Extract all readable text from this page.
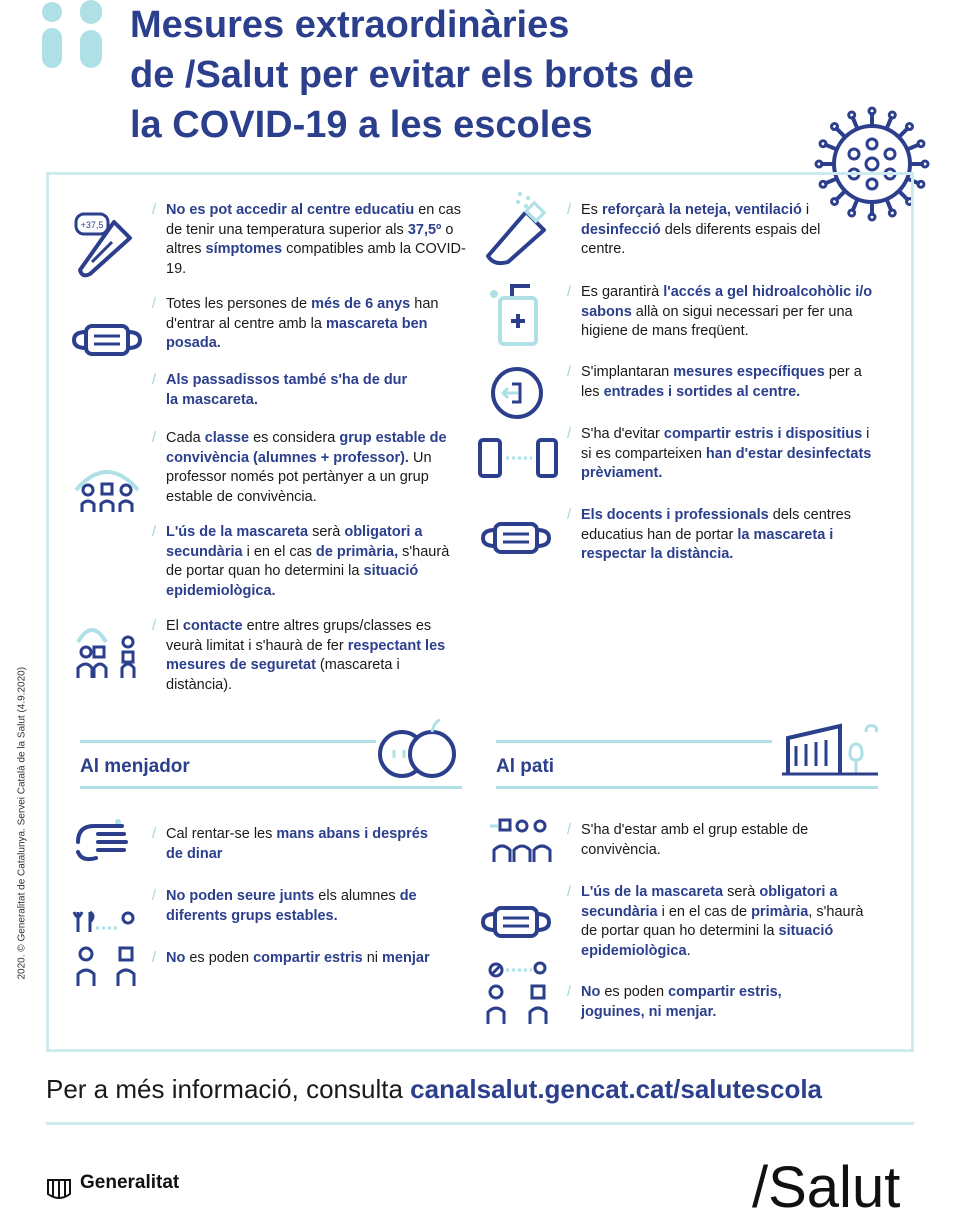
Mesures extraordinàries
de /Salut per evitar els brots de
la COVID-19 a les escoles
2020. © Generalitat de Catalunya. Servei Català de la Salut (4.9.2020)
+37,5
/ No es pot accedir al centre educatiu en cas de tenir una temperatura superior als 37,5º o altres símptomes compatibles amb la COVID-19.
/ Totes les persones de més de 6 anys han d'entrar al centre amb la mascareta ben posada.
/ Als passadissos també s'ha de dur la mascareta.
/ Cada classe es considera grup estable de convivència (alumnes + professor). Un professor només pot pertànyer a un grup estable de convivència.
/ L'ús de la mascareta serà obligatori a secundària i en el cas de primària, s'haurà de portar quan ho determini la situació epidemiològica.
/ El contacte entre altres grups/classes es veurà limitat i s'haurà de fer respectant les mesures de seguretat (mascareta i distància).
/ Es reforçarà la neteja, ventilació i desinfecció dels diferents espais del centre.
/ Es garantirà l'accés a gel hidroalcohòlic i/o sabons allà on sigui necessari per fer una higiene de mans freqüent.
/ S'implantaran mesures específiques per a les entrades i sortides al centre.
/ S'ha d'evitar compartir estris i dispositius i si es comparteixen han d'estar desinfectats prèviament.
/ Els docents i professionals dels centres educatius han de portar la mascareta i respectar la distància.
Al menjador
/ Cal rentar-se les mans abans i després de dinar
/ No poden seure junts els alumnes de diferents grups estables.
/ No es poden compartir estris ni menjar
Al pati
/ S'ha d'estar amb el grup estable de convivència.
/ L'ús de la mascareta serà obligatori a secundària i en el cas de primària, s'haurà de portar quan ho determini la situació epidemiològica.
/ No es poden compartir estris, joguines, ni menjar.
Per a més informació, consulta canalsalut.gencat.cat/salutescola
Generalitat	/Salut
